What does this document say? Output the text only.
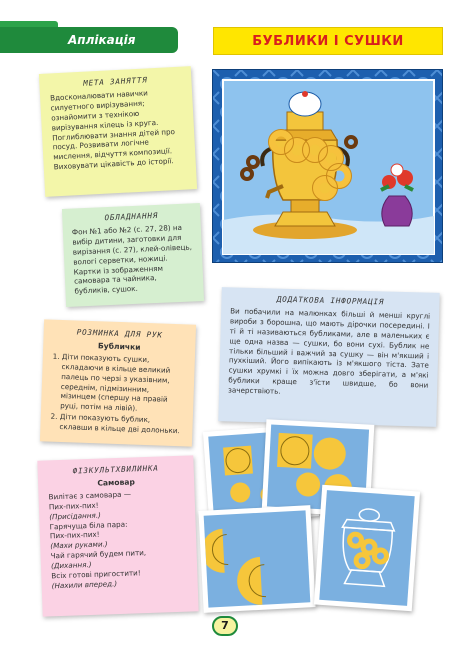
Аплікація	БУБЛИКИ І СУШКИ
МЕТА ЗАНЯТТЯ

Вдосконалювати навички силуетного вирізування; ознайомити з технікою вирізування кілець із круга. Поглиблювати знання дітей про посуд. Розвивати логічне мислення, відчуття композиції. Виховувати цікавість до історії.

ОБЛАДНАННЯ

Фон №1 або №2 (с. 27, 28) на вибір дитини, заготовки для вирізання (с. 27), клей-олівець, вологі серветки, ножиці. Картки із зображенням самовара та чайника, бубликів, сушок.

РОЗМИНКА ДЛЯ РУК
Бублички
1. Діти показують сушки, складаючи в кільце великий палець по черзі з указівним, середнім, підмізинним, мізинцем (спершу на правій руці, потім на лівій).
2. Діти показують бублик, склавши в кільце дві долоньки.
ФІЗКУЛЬТХВИЛИНКА
Самовар

Вилітає з самовара —

Пих-пих-пих!

(Присідання.)

Гарячуща біла пара:

Пих-пих-пих!

(Махи руками.)

Чай гарячий будем пити,

(Дихання.)

Всіх готові пригостити!

(Нахили вперед.)

ДОДАТКОВА ІНФОРМАЦІЯ

Ви побачили на малюнках більші й менші круглі вироби з борошна, що мають дірочки посередині. І ті й ті називаються бубликами, але в маленьких є ще одна назва — сушки, бо вони сухі. Бублик не тільки більший і важчий за сушку — він м'якший і пухкіший. Його випікають із м'якшого тіста. Зате сушки хрумкі і їх можна довго зберігати, а м'які бублики краще з'їсти швидше, бо вони зачерствіють.

7
